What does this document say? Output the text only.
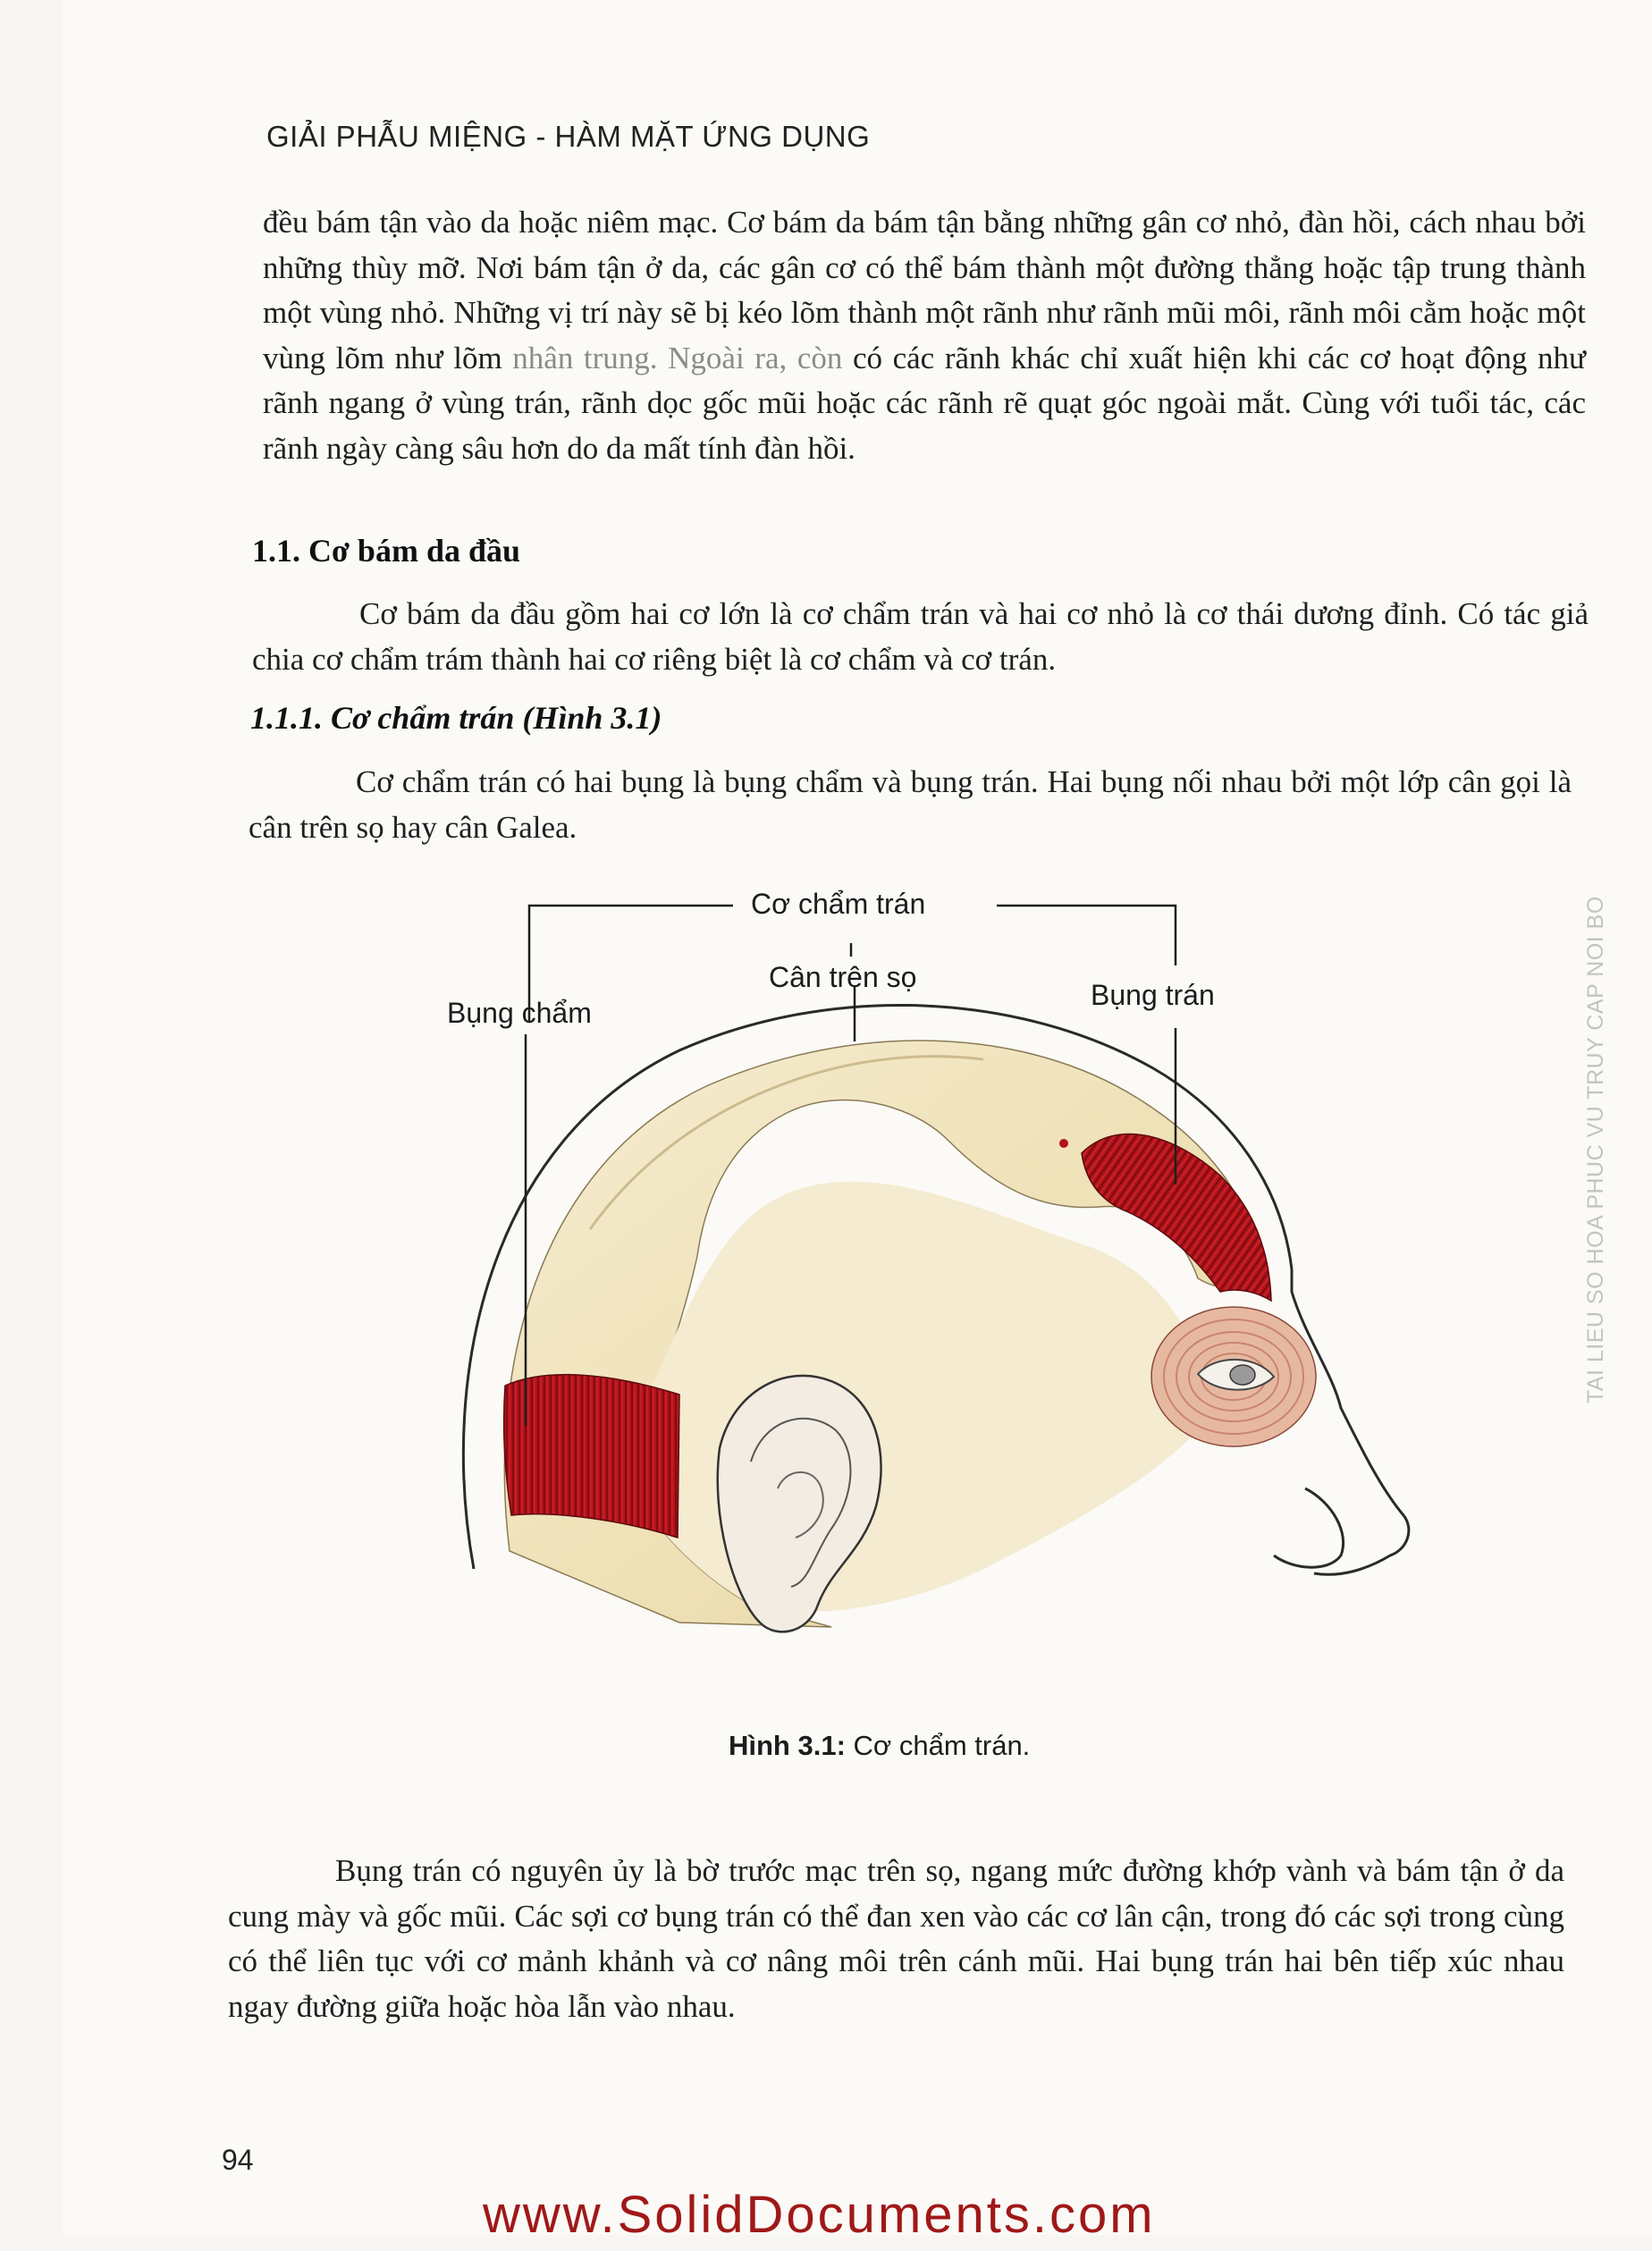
GIẢI PHẪU MIỆNG - HÀM MẶT ỨNG DỤNG
đều bám tận vào da hoặc niêm mạc. Cơ bám da bám tận bằng những gân cơ nhỏ, đàn hồi, cách nhau bởi những thùy mỡ. Nơi bám tận ở da, các gân cơ có thể bám thành một đường thẳng hoặc tập trung thành một vùng nhỏ. Những vị trí này sẽ bị kéo lõm thành một rãnh như rãnh mũi môi, rãnh môi cằm hoặc một vùng lõm như lõm nhân trung. Ngoài ra, còn có các rãnh khác chỉ xuất hiện khi các cơ hoạt động như rãnh ngang ở vùng trán, rãnh dọc gốc mũi hoặc các rãnh rẽ quạt góc ngoài mắt. Cùng với tuổi tác, các rãnh ngày càng sâu hơn do da mất tính đàn hồi.
1.1. Cơ bám da đầu
Cơ bám da đầu gồm hai cơ lớn là cơ chẩm trán và hai cơ nhỏ là cơ thái dương đỉnh. Có tác giả chia cơ chẩm trám thành hai cơ riêng biệt là cơ chẩm và cơ trán.
1.1.1. Cơ chẩm trán (Hình 3.1)
Cơ chẩm trán có hai bụng là bụng chẩm và bụng trán. Hai bụng nối nhau bởi một lớp cân gọi là cân trên sọ hay cân Galea.
TAI LIEU SO HOA PHUC VU TRUY CAP NOI BO
Cơ chẩm trán
Cân trên sọ
Bụng chẩm
Bụng trán
Hình 3.1: Cơ chẩm trán.
Bụng trán có nguyên ủy là bờ trước mạc trên sọ, ngang mức đường khớp vành và bám tận ở da cung mày và gốc mũi. Các sợi cơ bụng trán có thể đan xen vào các cơ lân cận, trong đó các sợi trong cùng có thể liên tục với cơ mảnh khảnh và cơ nâng môi trên cánh mũi. Hai bụng trán hai bên tiếp xúc nhau ngay đường giữa hoặc hòa lẫn vào nhau.
94
